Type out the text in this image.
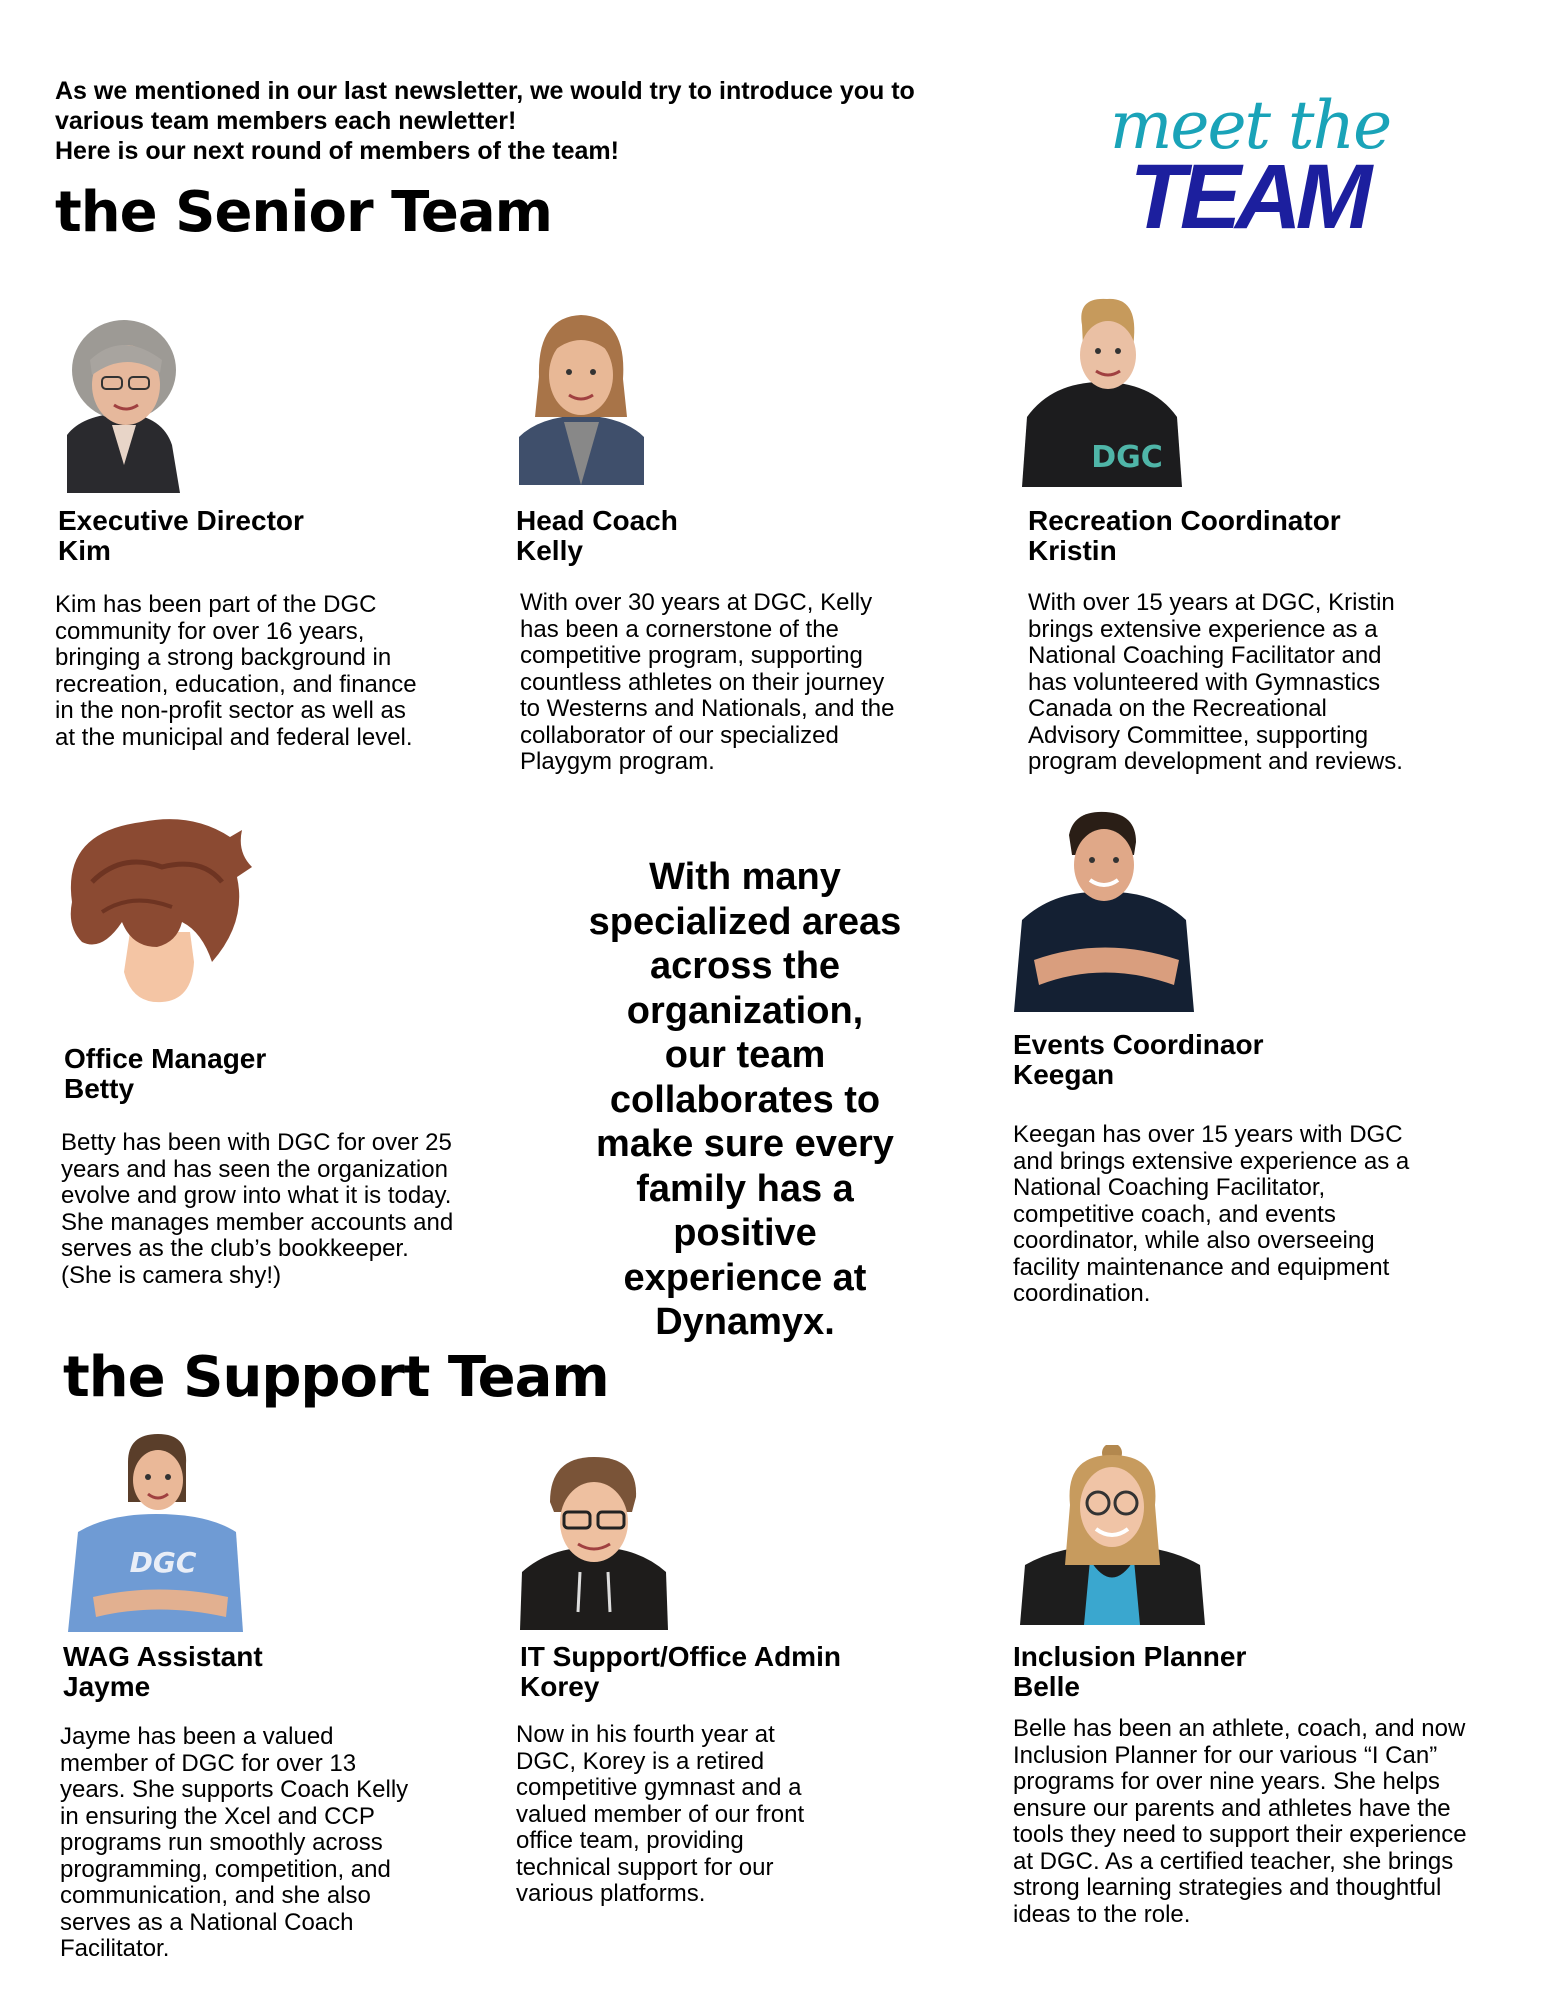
As we mentioned in our last newsletter, we would try to introduce you to
various team members each newletter!
Here is our next round of members of the team!	meet the
TEAM
the Senior Team
the Support Team
Executive Director
Kim
Kim has been part of the DGC
community for over 16 years,
bringing a strong background in
recreation, education, and finance
in the non-profit sector as well as
at the municipal and federal level.
Head Coach
Kelly
With over 30 years at DGC, Kelly
has been a cornerstone of the
competitive program, supporting
countless athletes on their journey
to Westerns and Nationals, and the
collaborator of our specialized
Playgym program.
DGC
Recreation Coordinator
Kristin
With over 15 years at DGC, Kristin
brings extensive experience as a
National Coaching Facilitator and
has volunteered with Gymnastics
Canada on the Recreational
Advisory Committee, supporting
program development and reviews.
Office Manager
Betty
Betty has been with DGC for over 25
years and has seen the organization
evolve and grow into what it is today.
She manages member accounts and
serves as the club’s bookkeeper.
(She is camera shy!)
With many
specialized areas
across the
organization,
our team
collaborates to
make sure every
family has a
positive
experience at
Dynamyx.
Events Coordinaor
Keegan
Keegan has over 15 years with DGC
and brings extensive experience as a
National Coaching Facilitator,
competitive coach, and events
coordinator, while also overseeing
facility maintenance and equipment
coordination.
DGC
WAG Assistant
Jayme
Jayme has been a valued
member of DGC for over 13
years. She supports Coach Kelly
in ensuring the Xcel and CCP
programs run smoothly across
programming, competition, and
communication, and she also
serves as a National Coach
Facilitator.
IT Support/Office Admin
Korey
Now in his fourth year at
DGC, Korey is a retired
competitive gymnast and a
valued member of our front
office team, providing
technical support for our
various platforms.
Inclusion Planner
Belle
Belle has been an athlete, coach, and now
Inclusion Planner for our various “I Can”
programs for over nine years. She helps
ensure our parents and athletes have the
tools they need to support their experience
at DGC. As a certified teacher, she brings
strong learning strategies and thoughtful
ideas to the role.
